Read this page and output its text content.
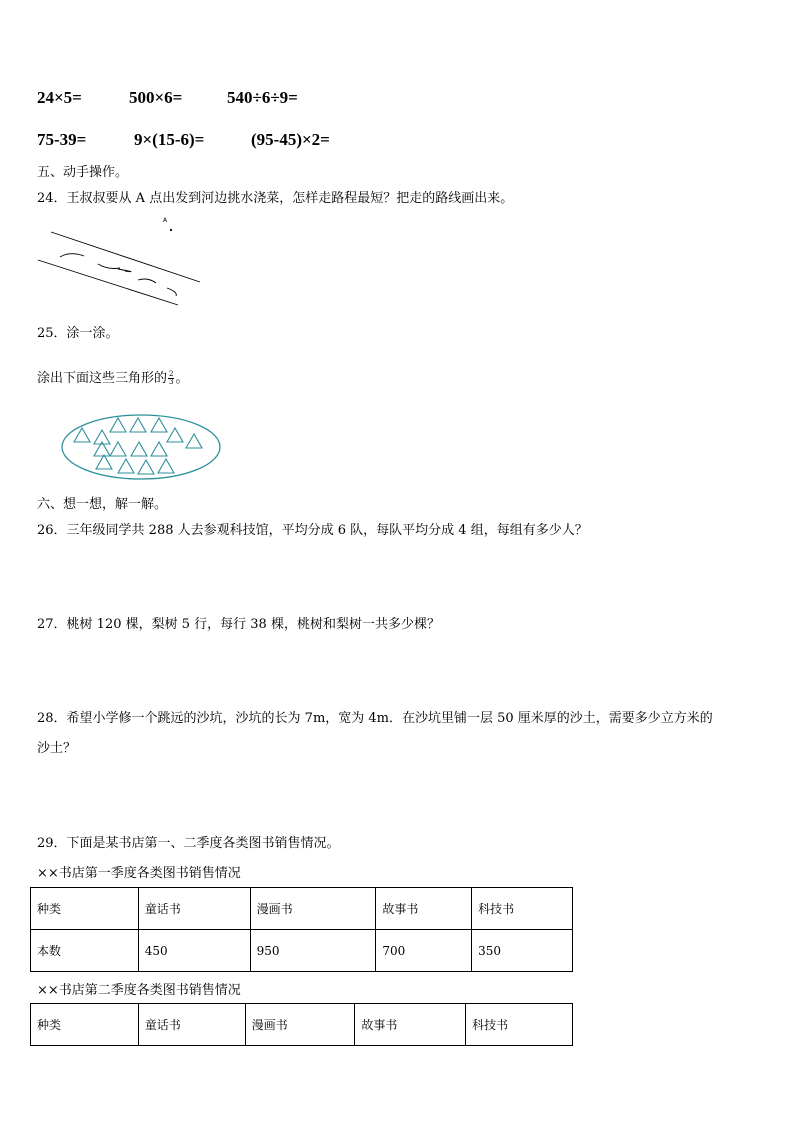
24×5=	500×6=	540÷6÷9=
75-39=	9×(15-6)=	(95-45)×2=
五、动手操作。
24．王叔叔要从 A 点出发到河边挑水浇菜，怎样走路程最短？把走的路线画出来。
A
25．涂一涂。
涂出下面这些三角形的 $\frac{2}{3}$ 。
六、想一想，解一解。
26．三年级同学共 288 人去参观科技馆，平均分成 6 队，每队平均分成 4 组，每组有多少人？
27．桃树 120 棵，梨树 5 行，每行 38 棵，桃树和梨树一共多少棵？
28．希望小学修一个跳远的沙坑，沙坑的长为 7m，宽为 4m．在沙坑里铺一层 50 厘米厚的沙土，需要多少立方米的
沙土？
29．下面是某书店第一、二季度各类图书销售情况。
××书店第一季度各类图书销售情况
种类	童话书	漫画书	故事书	科技书
本数	450	950	700	350
××书店第二季度各类图书销售情况
种类	童话书	漫画书	故事书	科技书
